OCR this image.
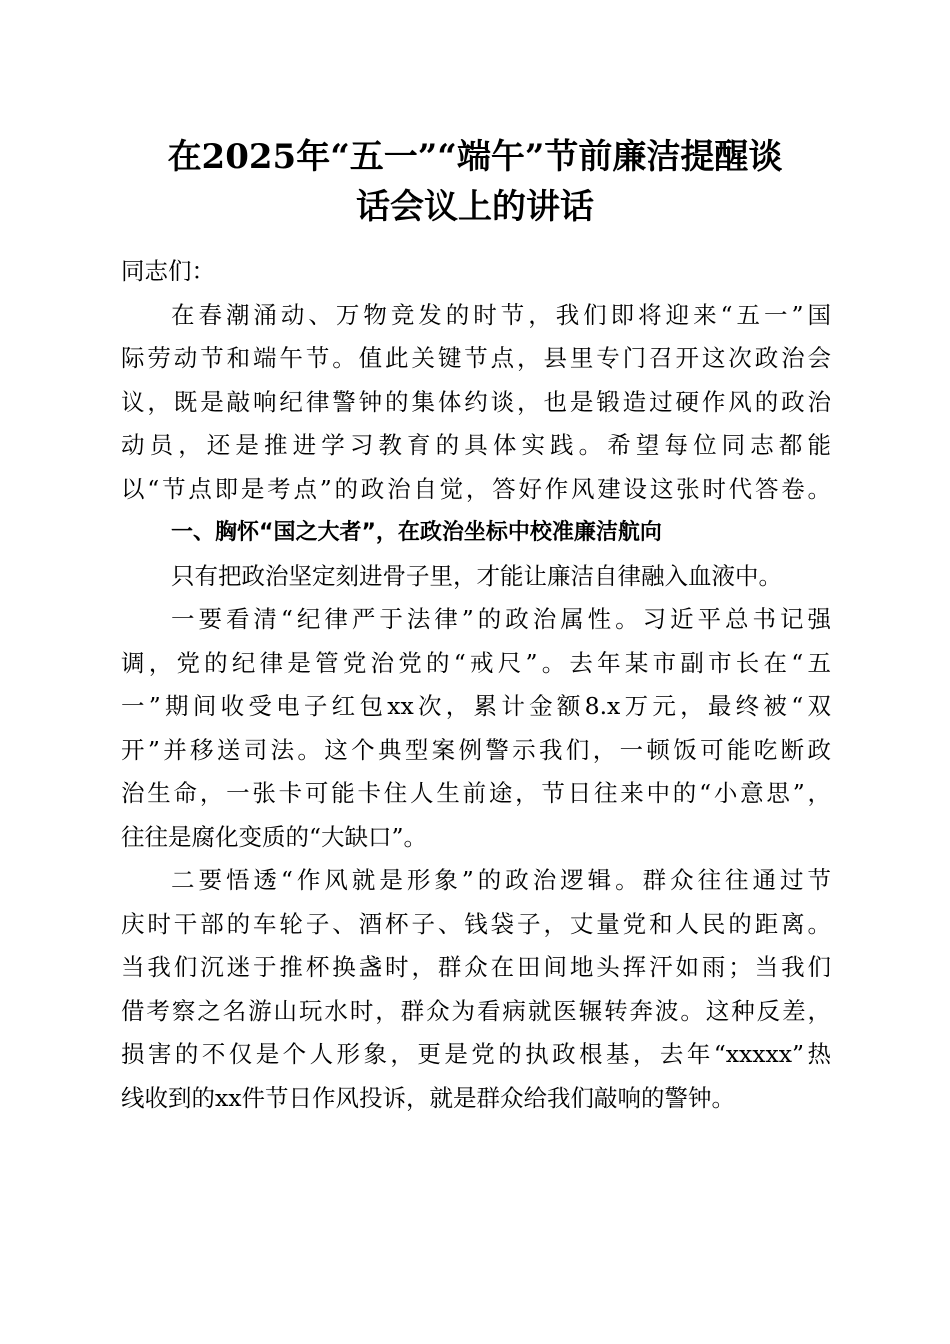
在2025年“五一”“端午”节前廉洁提醒谈
话会议上的讲话
同志们：
在春潮涌动、万物竞发的时节，我们即将迎来“五一”国
际劳动节和端午节。值此关键节点，县里专门召开这次政治会
议，既是敲响纪律警钟的集体约谈，也是锻造过硬作风的政治
动员，还是推进学习教育的具体实践。希望每位同志都能
以“节点即是考点”的政治自觉，答好作风建设这张时代答卷。
一、胸怀“国之大者”，在政治坐标中校准廉洁航向
只有把政治坚定刻进骨子里，才能让廉洁自律融入血液中。
一要看清“纪律严于法律”的政治属性。习近平总书记强
调，党的纪律是管党治党的“戒尺”。去年某市副市长在“五
一”期间收受电子红包xx次，累计金额8.x万元，最终被“双
开”并移送司法。这个典型案例警示我们，一顿饭可能吃断政
治生命，一张卡可能卡住人生前途，节日往来中的“小意思”，
往往是腐化变质的“大缺口”。
二要悟透“作风就是形象”的政治逻辑。群众往往通过节
庆时干部的车轮子、酒杯子、钱袋子，丈量党和人民的距离。
当我们沉迷于推杯换盏时，群众在田间地头挥汗如雨；当我们
借考察之名游山玩水时，群众为看病就医辗转奔波。这种反差，
损害的不仅是个人形象，更是党的执政根基，去年“xxxxx”热
线收到的xx件节日作风投诉，就是群众给我们敲响的警钟。
